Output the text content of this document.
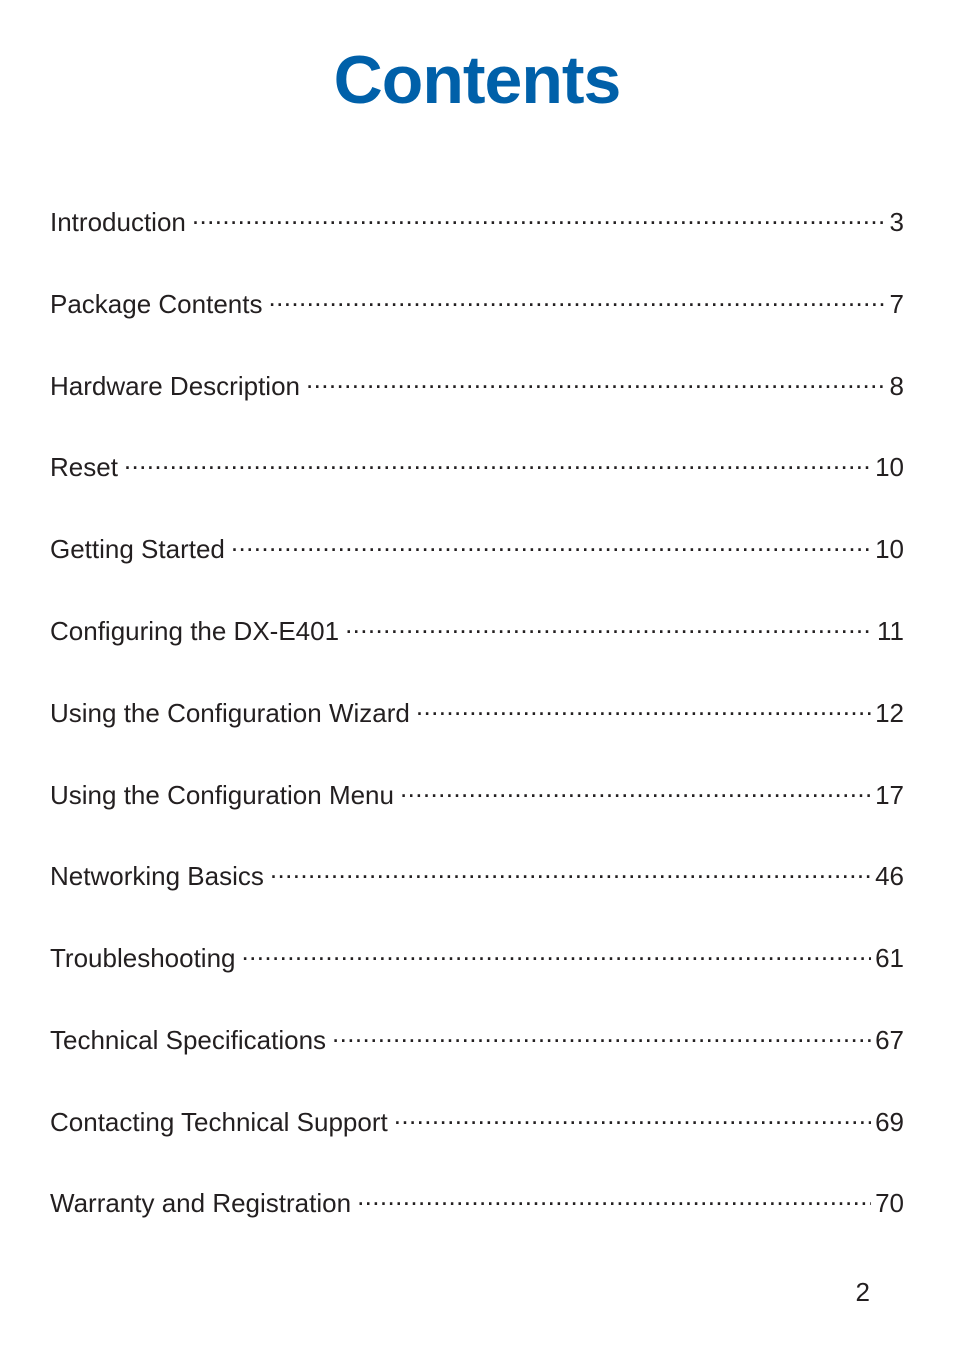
Contents
Introduction .....	3
Package Contents .....	7
Hardware Description .....	8
Reset .....	10
Getting Started .....	10
Configuring the DX-E401 .....	11
Using the Configuration Wizard .....	12
Using the Configuration Menu .....	17
Networking Basics .....	46
Troubleshooting .....	61
Technical Specifications .....	67
Contacting Technical Support .....	69
Warranty and Registration .....	70
2
